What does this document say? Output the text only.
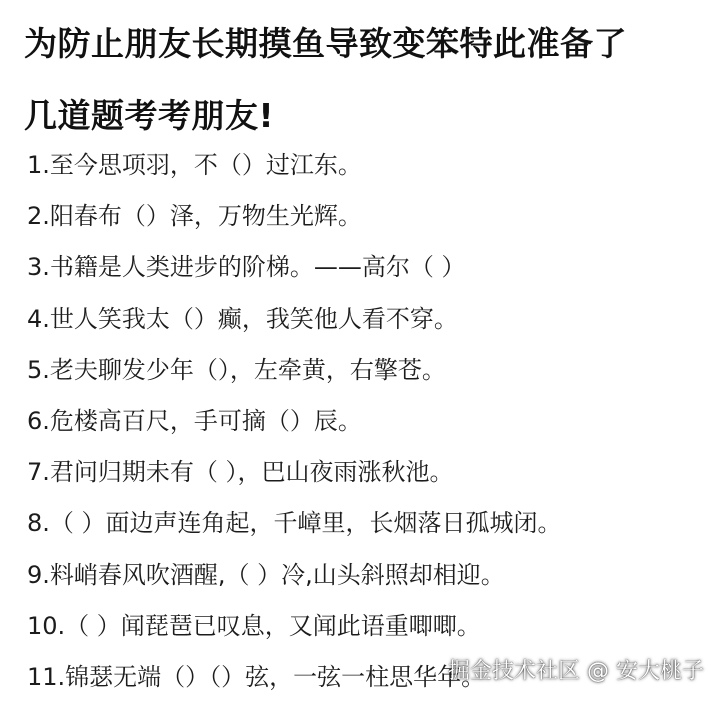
为防止朋友长期摸鱼导致变笨特此准备了
几道题考考朋友!
1.至今思项羽，不（）过江东。
2.阳春布（）泽，万物生光辉。
3.书籍是人类进步的阶梯。——高尔（ ）
4.世人笑我太（）癫，我笑他人看不穿。
5.老夫聊发少年（），左牵黄，右擎苍。
6.危楼高百尺，手可摘（）辰。
7.君问归期未有（ ），巴山夜雨涨秋池。
8.（ ）面边声连角起，千嶂里，长烟落日孤城闭。
9.料峭春风吹酒醒,（ ）冷,山头斜照却相迎。
10.（ ）闻琵琶已叹息，又闻此语重唧唧。
11.锦瑟无端（）（）弦，一弦一柱思华年。
掘金技术社区 @ 安大桃子
